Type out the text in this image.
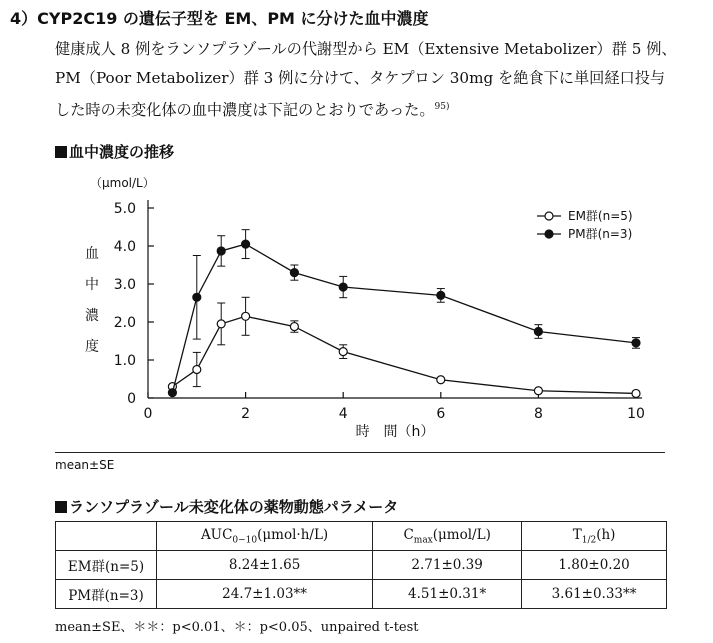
4）CYP2C19 の遺伝子型を EM、PM に分けた血中濃度

健康成人 8 例をランソプラゾールの代謝型から EM（Extensive Metabolizer）群 5 例、

PM（Poor Metabolizer）群 3 例に分けて、タケプロン 30mg を絶食下に単回経口投与

した時の未変化体の血中濃度は下記のとおりであった。$^{95)}$

血中濃度の推移
（μmol/L）
血
中
濃
度
0	2	4	6	8	10
0
1.0
2.0
3.0
4.0
5.0	EM群(n=5)
PM群(n=3)
時　間（h）
mean±SE
ランソプラゾール未変化体の薬物動態パラメータ
	$AUC_{0-10}(\mu mol\cdot h/L)$	$C_{max}(\mu mol/L)$	$T_{1/2}(h)$
EM群(n=5)	8.24±1.65	2.71±0.39	1.80±0.20
PM群(n=3)	24.7±1.03**	4.51±0.31*	3.61±0.33**
mean±SE、＊＊：p<0.01、＊：p<0.05、unpaired t-test
